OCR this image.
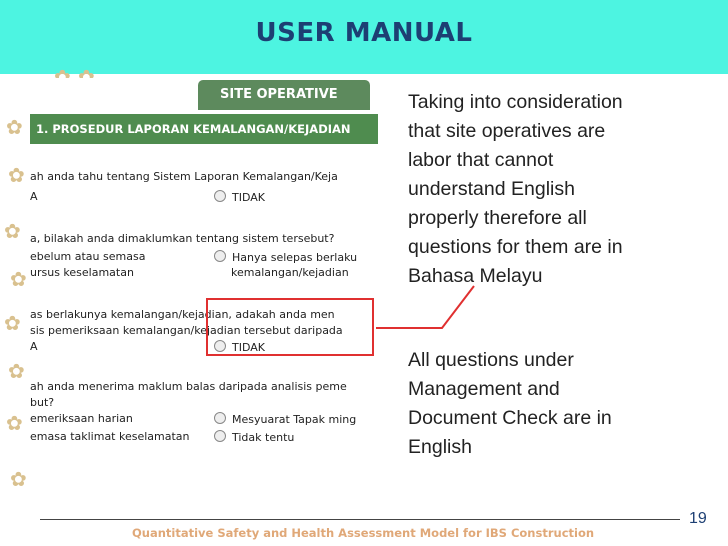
USER MANUAL
✿
✿
✿
✿
✿
✿
✿
✿
SITE OPERATIVE
1. PROSEDUR LAPORAN KEMALANGAN/KEJADIAN
ah anda tahu tentang Sistem Laporan Kemalangan/Keja
A	TIDAK
a, bilakah anda dimaklumkan tentang sistem tersebut?
ebelum atau semasa	Hanya selepas berlaku
ursus keselamatan	kemalangan/kejadian
as berlakunya kemalangan/kejadian, adakah anda men
sis pemeriksaan kemalangan/kejadian tersebut daripada
A	TIDAK
ah anda menerima maklum balas daripada analisis peme
but?
emeriksaan harian	Mesyuarat Tapak ming
emasa taklimat keselamatan	Tidak tentu
Taking into consideration
that site operatives are
labor that cannot
understand English
properly therefore all
questions for them are in
Bahasa Melayu
All questions under
Management and
Document Check are in
English
Quantitative Safety and Health Assessment Model for IBS Construction
19
